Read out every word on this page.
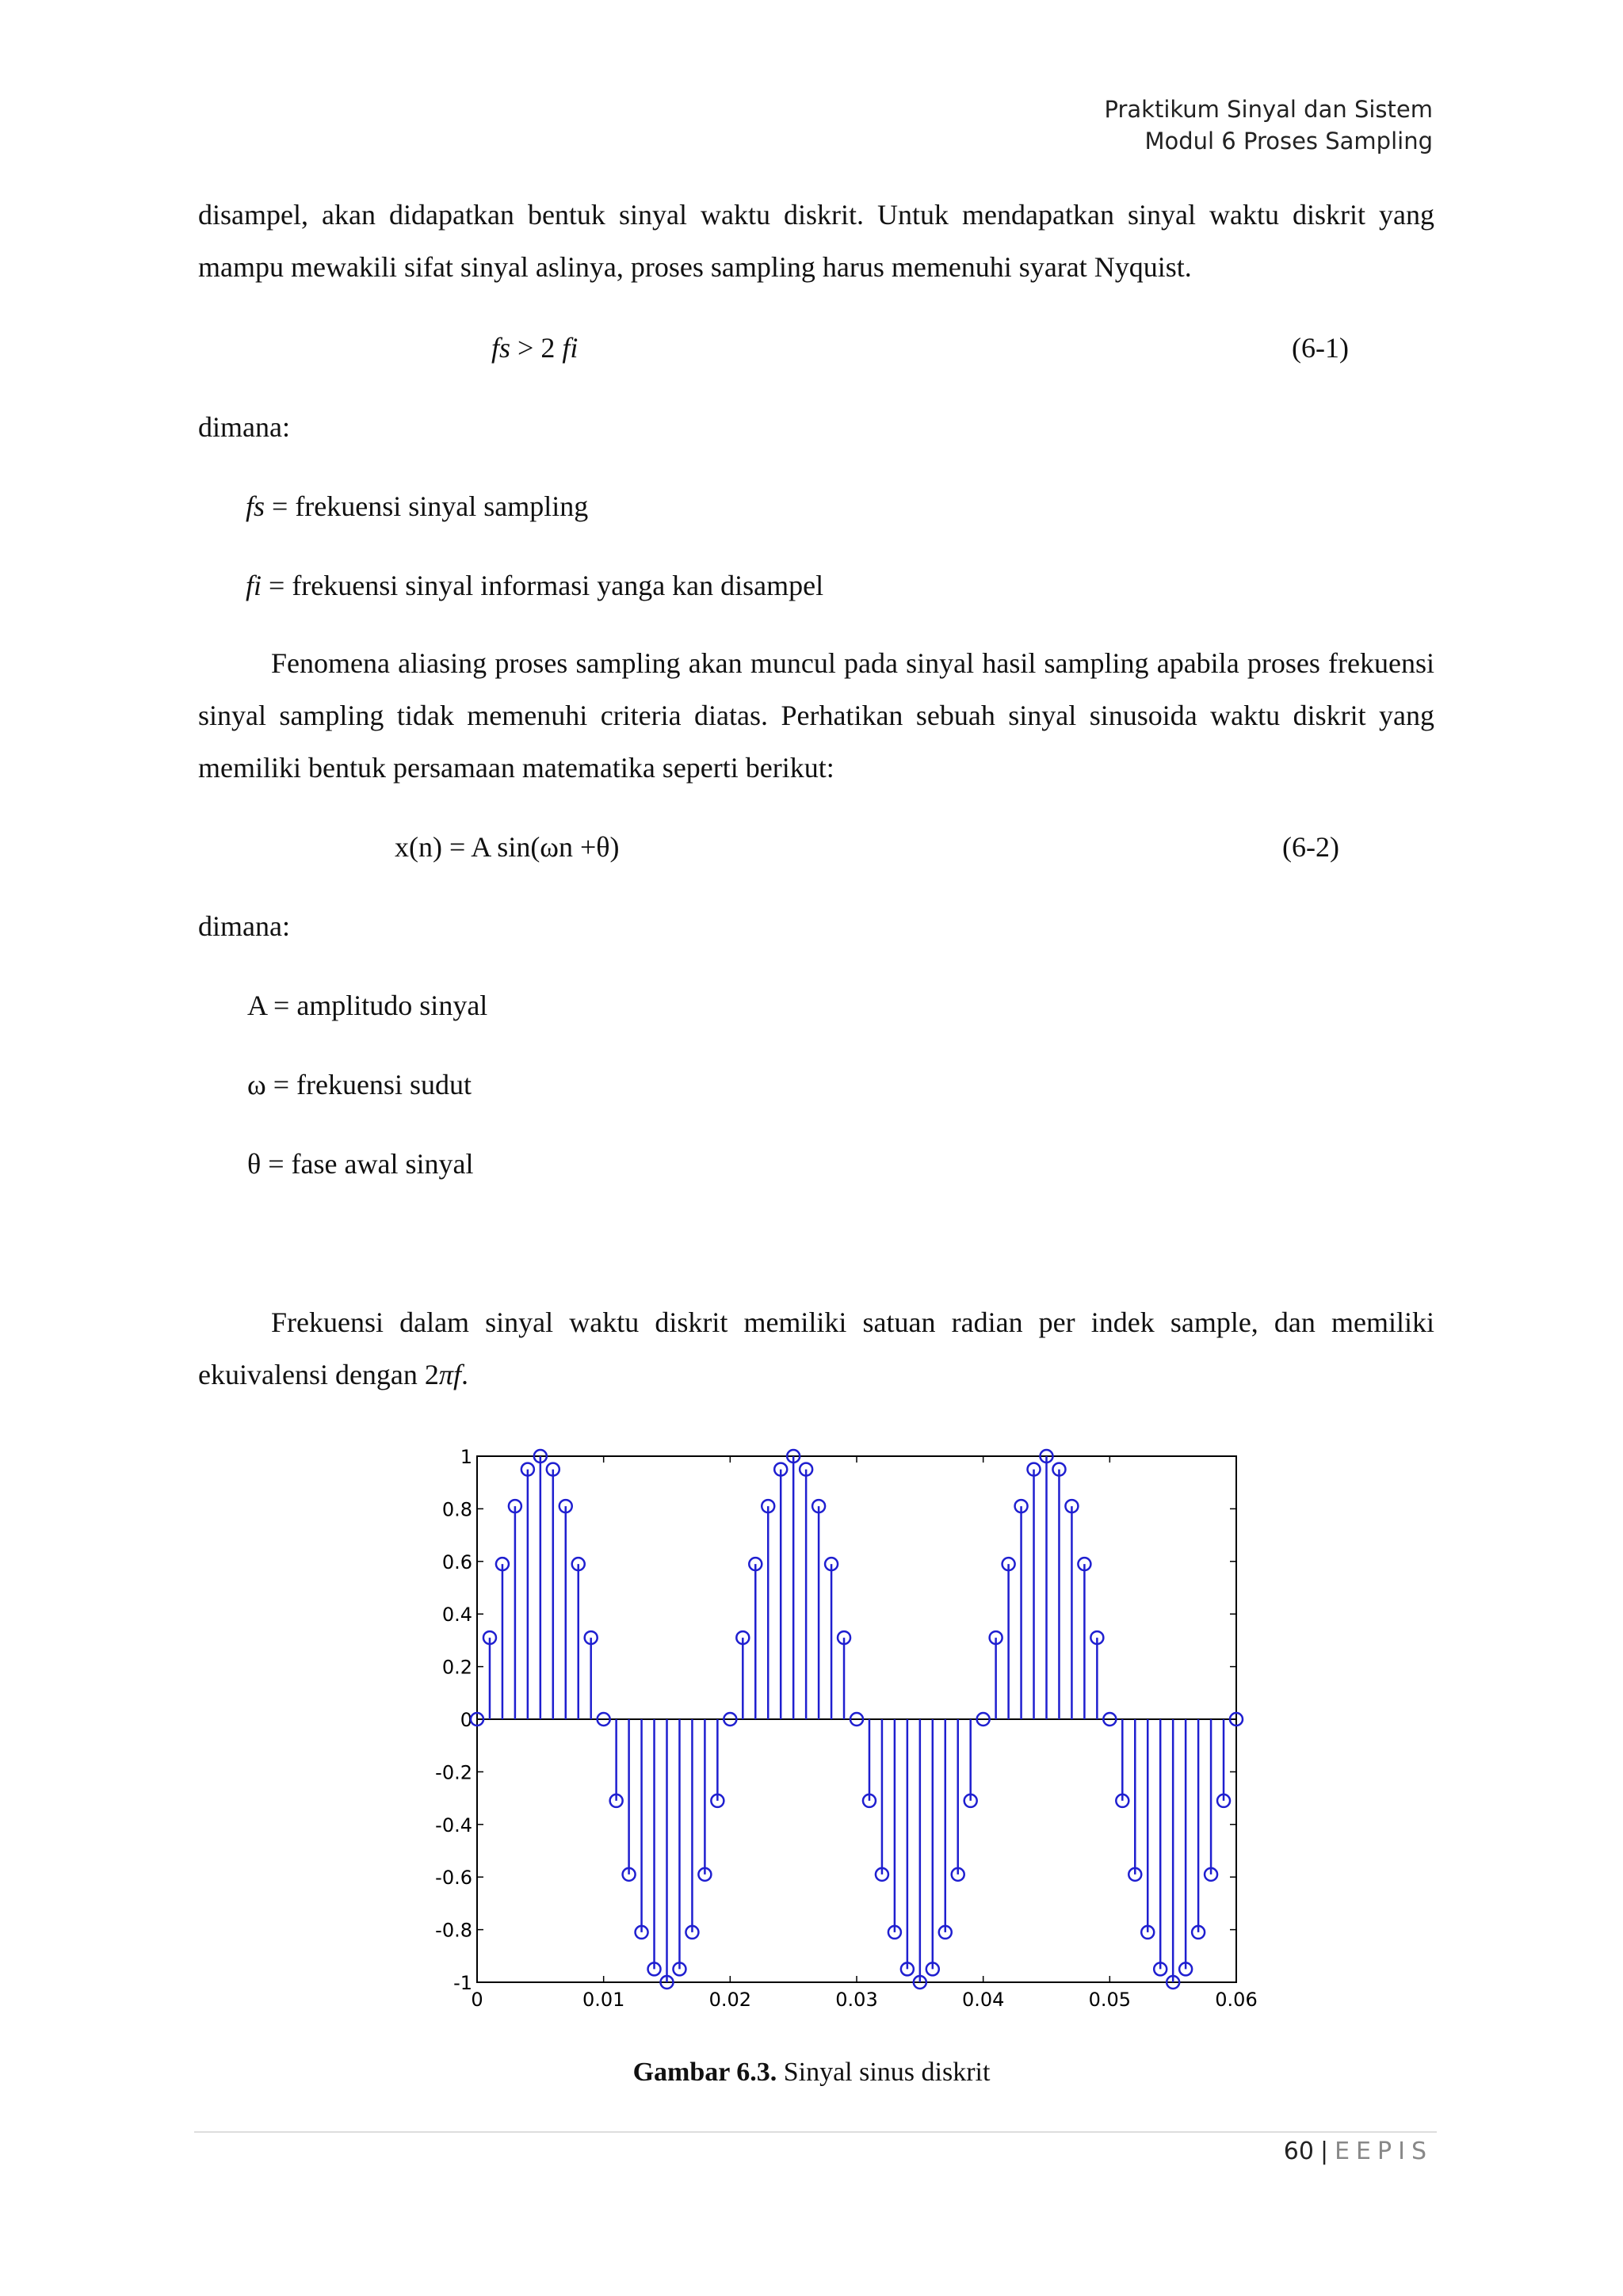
Praktikum Sinyal dan Sistem
Modul 6 Proses Sampling
disampel, akan didapatkan bentuk sinyal waktu diskrit. Untuk mendapatkan sinyal waktu diskrit yang mampu mewakili sifat sinyal aslinya, proses sampling harus memenuhi syarat Nyquist.
fs > 2 fi	(6-1)
dimana:
fs = frekuensi sinyal sampling
fi = frekuensi sinyal informasi yanga kan disampel
Fenomena aliasing proses sampling akan muncul pada sinyal hasil sampling apabila proses frekuensi sinyal sampling tidak memenuhi criteria diatas. Perhatikan sebuah sinyal sinusoida waktu diskrit yang memiliki bentuk persamaan matematika seperti berikut:
x(n) = A sin(ωn +θ)	(6-2)
dimana:
A = amplitudo sinyal
ω = frekuensi sudut
θ = fase awal sinyal
Frekuensi dalam sinyal waktu diskrit memiliki satuan radian per indek sample, dan memiliki ekuivalensi dengan 2πf.
1
0.8
0.6
0.4
0.2
0
-0.2
-0.4
-0.6
-0.8
-1
0	0.01	0.02	0.03	0.04	0.05	0.06
Gambar 6.3. Sinyal sinus diskrit
60 | EEPIS
